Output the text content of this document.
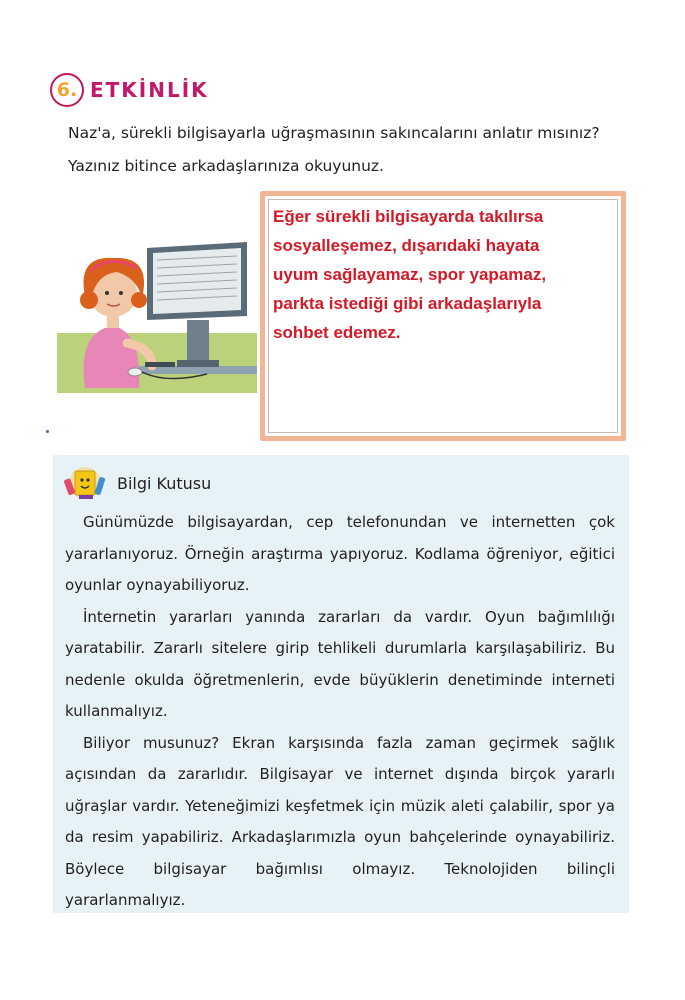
6. ETKİNLİK
Naz'a, sürekli bilgisayarla uğraşmasının sakıncalarını anlatır mısınız? Yazınız bitince arkadaşlarınıza okuyunuz.
Eğer sürekli bilgisayarda takılırsa
sosyalleşemez, dışarıdaki hayata
uyum sağlayamaz, spor yapamaz,
parkta istediği gibi arkadaşlarıyla
sohbet edemez.
Bilgi Kutusu

Günümüzde bilgisayardan, cep telefonundan ve internetten çok yararlanıyoruz. Örneğin araştırma yapıyoruz. Kodlama öğreniyor, eğitici oyunlar oynayabiliyoruz.

İnternetin yararları yanında zararları da vardır. Oyun bağımlılığı yaratabilir. Zararlı sitelere girip tehlikeli durumlarla karşılaşabiliriz. Bu nedenle okulda öğretmenlerin, evde büyüklerin denetiminde interneti kullanmalıyız.

Biliyor musunuz? Ekran karşısında fazla zaman geçirmek sağlık açısından da zararlıdır. Bilgisayar ve internet dışında birçok yararlı uğraşlar vardır. Yeteneğimizi keşfetmek için müzik aleti çalabilir, spor ya da resim yapabiliriz. Arkadaşlarımızla oyun bahçelerinde oynayabiliriz. Böylece bilgisayar bağımlısı olmayız. Teknolojiden bilinçli yararlanmalıyız.
